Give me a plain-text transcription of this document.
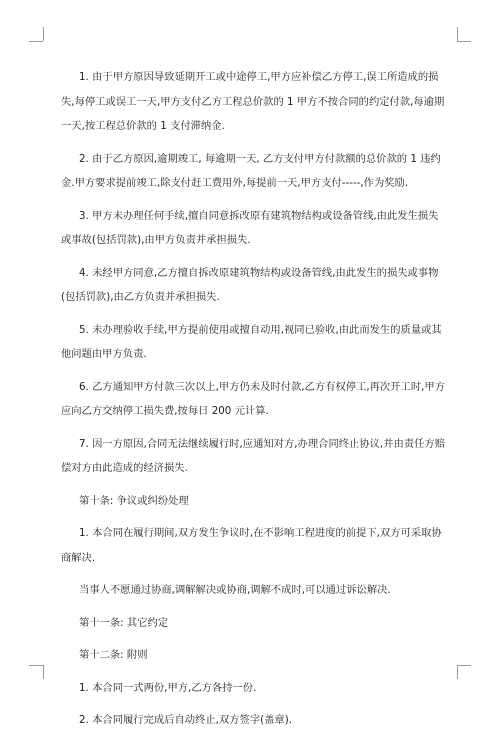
1. 由于甲方原因导致延期开工或中途停工,甲方应补偿乙方停工,误工所造成的损
失,每停工或误工一天,甲方支付乙方工程总价款的 1 甲方不按合同的约定付款,每逾期
一天,按工程总价款的 1 支付滞纳金.
2. 由于乙方原因,逾期竣工, 每逾期一天, 乙方支付甲方付款额的总价款的 1 违约
金.甲方要求提前竣工,除支付赶工费用外,每提前一天,甲方支付-----,作为奖励.
3. 甲方未办理任何手续,擅自同意拆改原有建筑物结构或设备管线,由此发生损失
或事故(包括罚款),由甲方负责并承担损失.
4. 未经甲方同意,乙方擅自拆改原建筑物结构或设备管线,由此发生的损失或事物
(包括罚款),由乙方负责并承担损失.
5. 未办理验收手续,甲方提前使用或擅自动用,视同已验收,由此而发生的质量或其
他问题由甲方负责.
6. 乙方通知甲方付款三次以上,甲方仍未及时付款,乙方有权停工,再次开工时,甲方
应向乙方交纳停工损失费,按每日 200 元计算.
7. 因一方原因,合同无法继续履行时,应通知对方,办理合同终止协议,并由责任方赔
偿对方由此造成的经济损失.
第十条: 争议或纠纷处理
1. 本合同在履行期间,双方发生争议时,在不影响工程进度的前提下,双方可采取协
商解决.
当事人不愿通过协商,调解解决或协商,调解不成时,可以通过诉讼解决.
第十一条: 其它约定
第十二条: 附则
1. 本合同一式两份,甲方,乙方各持一份.
2. 本合同履行完成后自动终止,双方签字(盖章).
